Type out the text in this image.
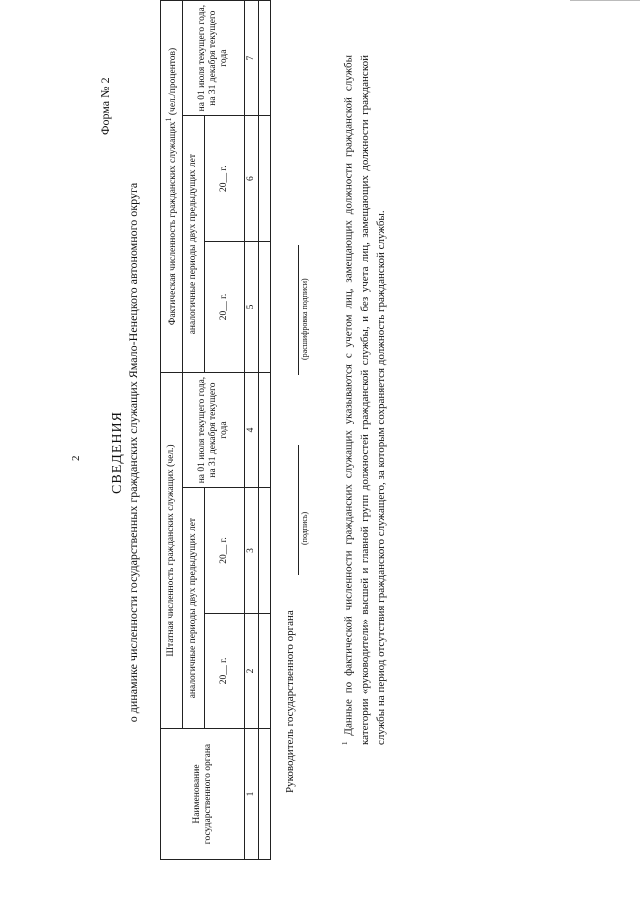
2
Форма № 2
СВЕДЕНИЯ о динамике численности государственных гражданских служащих Ямало-Ненецкого автономного округа
Наименование государственного органа	Штатная численность гражданских служащих (чел.)			Фактическая численность гражданских служащих$^1$ (чел./процентов)		
	аналогичные периоды двух предыдущих лет		на 01 июля текущего года, на 31 декабря текущего года	аналогичные периоды двух предыдущих лет		на 01 июля текущего года, на 31 декабря текущего года
	20__ г.	20__ г.		20__ г.	20__ г.	
1	2	3	4	5	6	7

Руководитель государственного органа
(подпись)
(расшифровка подписи)
$^1$ Данные по фактической численности гражданских служащих указываются с учетом лиц, замещающих должности гражданской службы категории «руководители» высшей и главной групп должностей гражданской службы, и без учета лиц, замещающих должности гражданской службы на период отсутствия гражданского служащего, за которым сохраняется должность гражданской службы.
